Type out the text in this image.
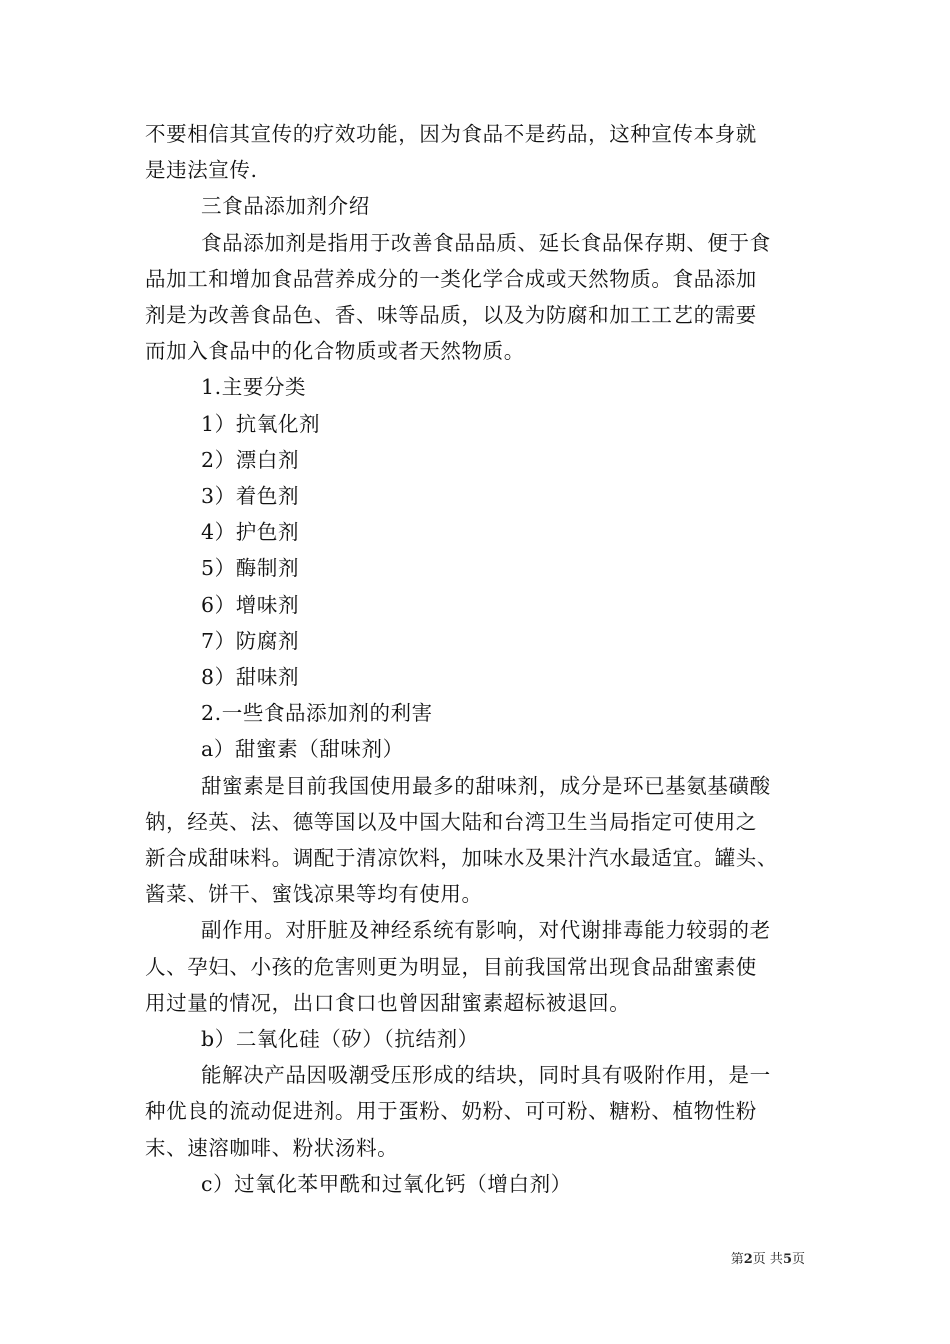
不要相信其宣传的疗效功能，因为食品不是药品，这种宣传本身就

是违法宣传.

三食品添加剂介绍

食品添加剂是指用于改善食品品质、延长食品保存期、便于食

品加工和增加食品营养成分的一类化学合成或天然物质。食品添加

剂是为改善食品色、香、味等品质，以及为防腐和加工工艺的需要

而加入食品中的化合物质或者天然物质。

1.主要分类

1）抗氧化剂

2）漂白剂

3）着色剂

4）护色剂

5）酶制剂

6）增味剂

7）防腐剂

8）甜味剂

2.一些食品添加剂的利害

a）甜蜜素（甜味剂）

甜蜜素是目前我国使用最多的甜味剂，成分是环已基氨基磺酸

钠，经英、法、德等国以及中国大陆和台湾卫生当局指定可使用之

新合成甜味料。调配于清凉饮料，加味水及果汁汽水最适宜。罐头、

酱菜、饼干、蜜饯凉果等均有使用。

副作用。对肝脏及神经系统有影响，对代谢排毒能力较弱的老

人、孕妇、小孩的危害则更为明显，目前我国常出现食品甜蜜素使

用过量的情况，出口食口也曾因甜蜜素超标被退回。

b）二氧化硅（矽）（抗结剂）

能解决产品因吸潮受压形成的结块，同时具有吸附作用，是一

种优良的流动促进剂。用于蛋粉、奶粉、可可粉、糖粉、植物性粉

末、速溶咖啡、粉状汤料。

c）过氧化苯甲酰和过氧化钙（增白剂）

第2页 共5页
